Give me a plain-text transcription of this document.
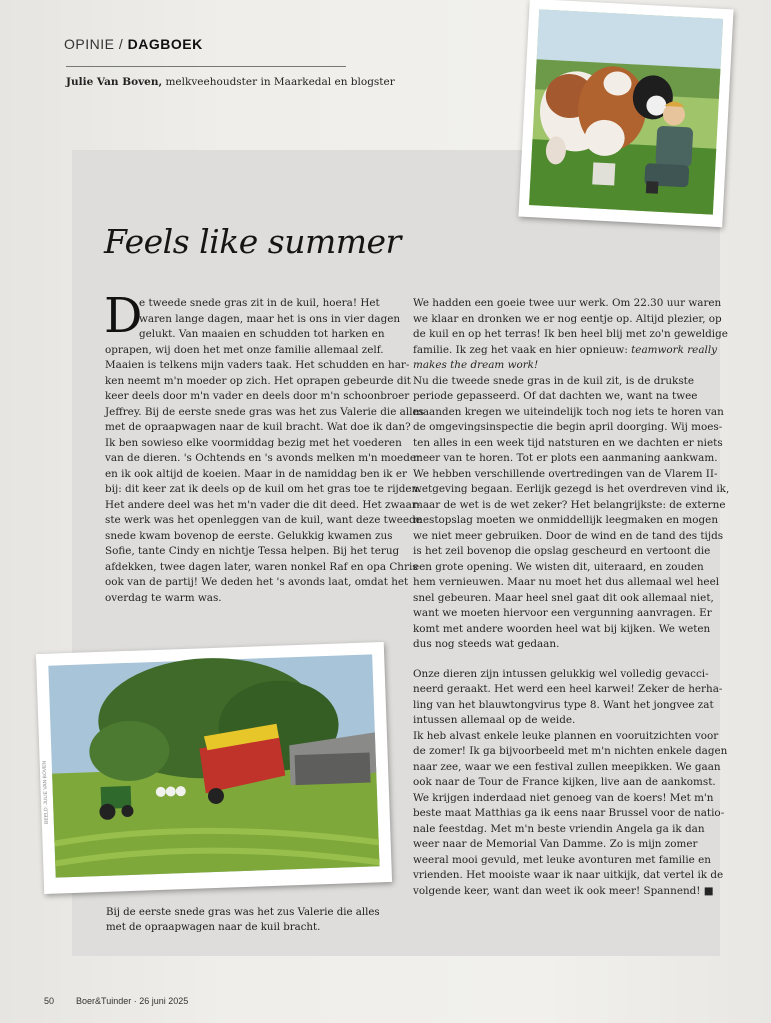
OPINIE / DAGBOEK
Julie Van Boven, melkveehoudster in Maarkedal en blogster
Feels like summer
D
e tweede snede gras zit in de kuil, hoera! Het
waren lange dagen, maar het is ons in vier dagen
gelukt. Van maaien en schudden tot harken en
oprapen, wij doen het met onze familie allemaal zelf.
Maaien is telkens mijn vaders taak. Het schudden en har-
ken neemt m'n moeder op zich. Het oprapen gebeurde dit
keer deels door m'n vader en deels door m'n schoonbroer
Jeffrey. Bij de eerste snede gras was het zus Valerie die alles
met de opraapwagen naar de kuil bracht. Wat doe ik dan?
Ik ben sowieso elke voormiddag bezig met het voederen
van de dieren. 's Ochtends en 's avonds melken m'n moeder
en ik ook altijd de koeien. Maar in de namiddag ben ik er
bij: dit keer zat ik deels op de kuil om het gras toe te rijden.
Het andere deel was het m'n vader die dit deed. Het zwaar-
ste werk was het openleggen van de kuil, want deze tweede
snede kwam bovenop de eerste. Gelukkig kwamen zus
Sofie, tante Cindy en nichtje Tessa helpen. Bij het terug
afdekken, twee dagen later, waren nonkel Raf en opa Chris
ook van de partij! We deden het 's avonds laat, omdat het
overdag te warm was.
We hadden een goeie twee uur werk. Om 22.30 uur waren
we klaar en dronken we er nog eentje op. Altijd plezier, op
de kuil en op het terras! Ik ben heel blij met zo'n geweldige
familie. Ik zeg het vaak en hier opnieuw: teamwork really
makes the dream work!
Nu die tweede snede gras in de kuil zit, is de drukste
periode gepasseerd. Of dat dachten we, want na twee
maanden kregen we uiteindelijk toch nog iets te horen van
de omgevingsinspectie die begin april doorging. Wij moes-
ten alles in een week tijd natsturen en we dachten er niets
meer van te horen. Tot er plots een aanmaning aankwam.
We hebben verschillende overtredingen van de Vlarem II-
wetgeving begaan. Eerlijk gezegd is het overdreven vind ik,
maar de wet is de wet zeker? Het belangrijkste: de externe
mestopslag moeten we onmiddellijk leegmaken en mogen
we niet meer gebruiken. Door de wind en de tand des tijds
is het zeil bovenop die opslag gescheurd en vertoont die
een grote opening. We wisten dit, uiteraard, en zouden
hem vernieuwen. Maar nu moet het dus allemaal wel heel
snel gebeuren. Maar heel snel gaat dit ook allemaal niet,
want we moeten hiervoor een vergunning aanvragen. Er
komt met andere woorden heel wat bij kijken. We weten
dus nog steeds wat gedaan.
Onze dieren zijn intussen gelukkig wel volledig gevacci-
neerd geraakt. Het werd een heel karwei! Zeker de herha-
ling van het blauwtongvirus type 8. Want het jongvee zat
intussen allemaal op de weide.
Ik heb alvast enkele leuke plannen en vooruitzichten voor
de zomer! Ik ga bijvoorbeeld met m'n nichten enkele dagen
naar zee, waar we een festival zullen meepikken. We gaan
ook naar de Tour de France kijken, live aan de aankomst.
We krijgen inderdaad niet genoeg van de koers! Met m'n
beste maat Matthias ga ik eens naar Brussel voor de natio-
nale feestdag. Met m'n beste vriendin Angela ga ik dan
weer naar de Memorial Van Damme. Zo is mijn zomer
weeral mooi gevuld, met leuke avonturen met familie en
vrienden. Het mooiste waar ik naar uitkijk, dat vertel ik de
volgende keer, want dan weet ik ook meer! Spannend! ■
BEELD: JULIE VAN BOVEN
Bij de eerste snede gras was het zus Valerie die alles
met de opraapwagen naar de kuil bracht.
50 Boer&Tuinder · 26 juni 2025
